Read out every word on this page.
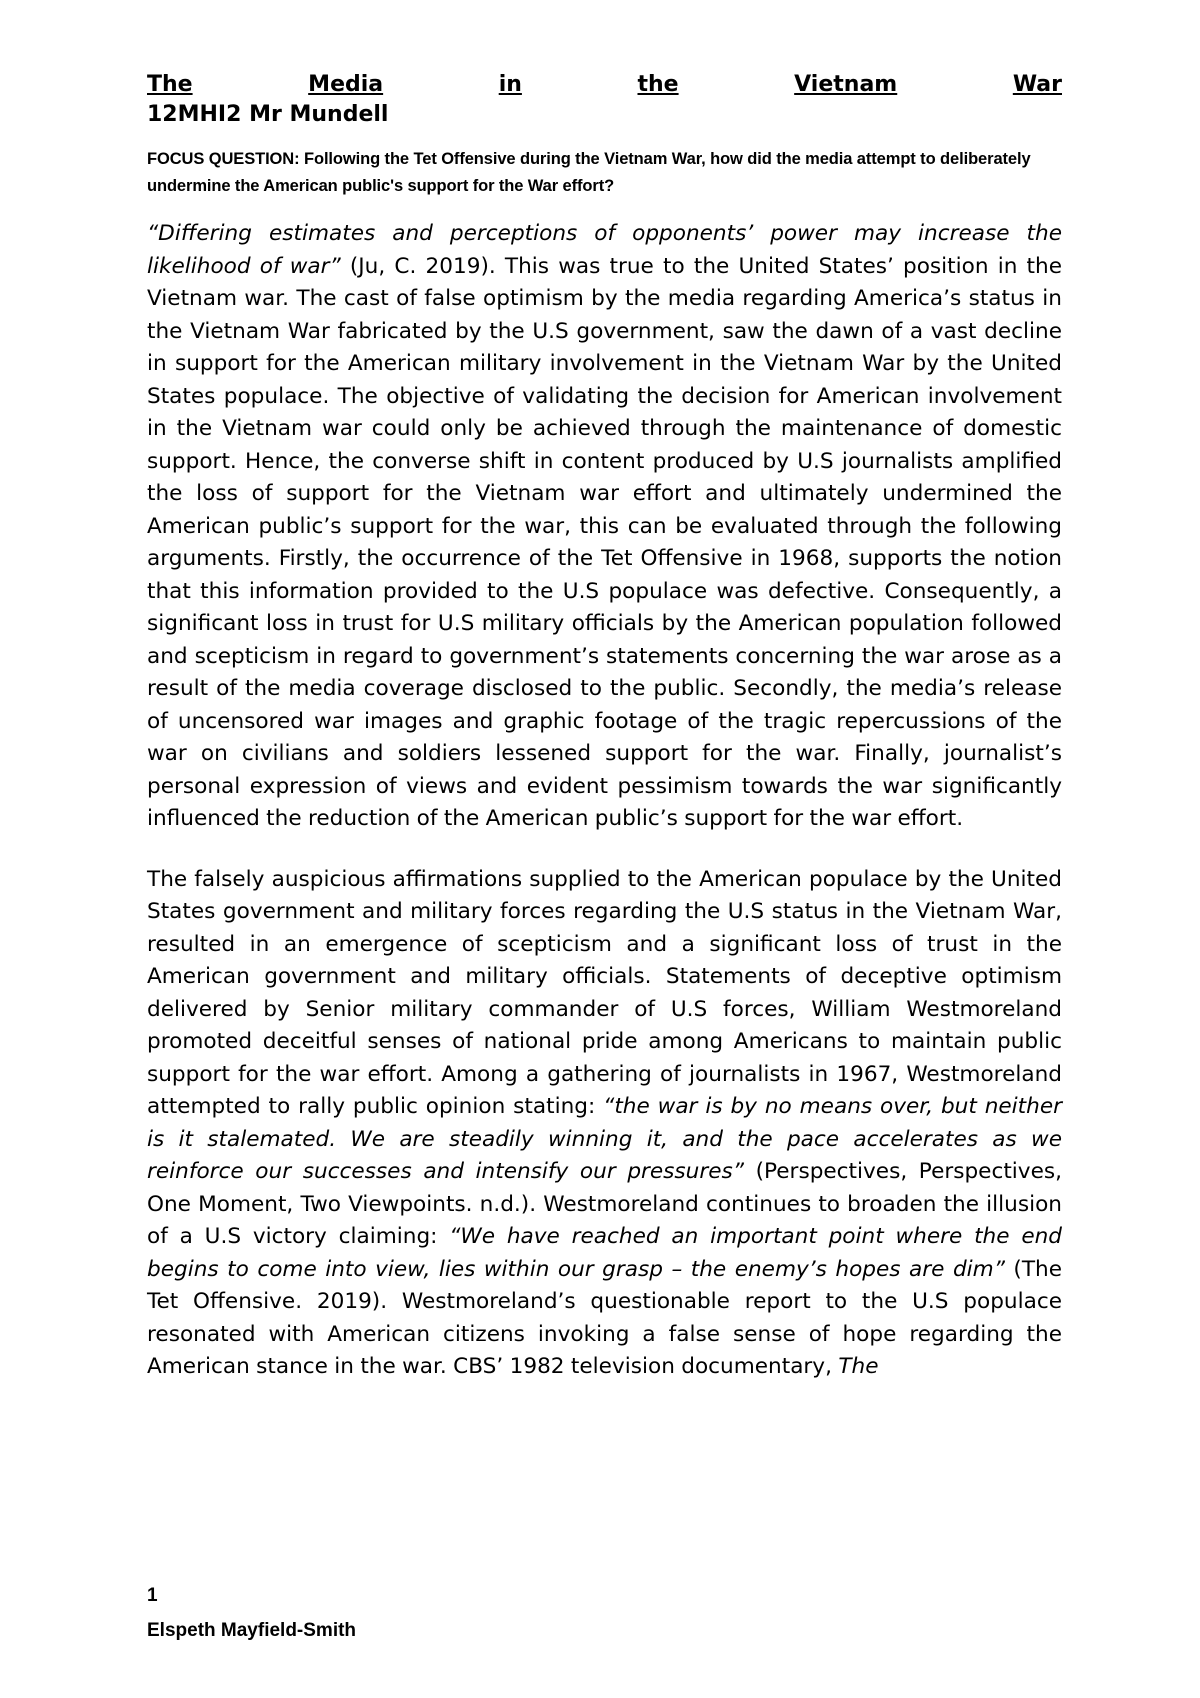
The	Media	in	the	Vietnam	War
12MHI2 Mr Mundell
FOCUS QUESTION: Following the Tet Offensive during the Vietnam War, how did the media attempt to deliberately undermine the American public's support for the War effort?

“Differing estimates and perceptions of opponents’ power may increase the likelihood of war” (Ju, C. 2019). This was true to the United States’ position in the Vietnam war. The cast of false optimism by the media regarding America’s status in the Vietnam War fabricated by the U.S government, saw the dawn of a vast decline in support for the American military involvement in the Vietnam War by the United States populace. The objective of validating the decision for American involvement in the Vietnam war could only be achieved through the maintenance of domestic support. Hence, the converse shift in content produced by U.S journalists amplified the loss of support for the Vietnam war effort and ultimately undermined the American public’s support for the war, this can be evaluated through the following arguments. Firstly, the occurrence of the Tet Offensive in 1968, supports the notion that this information provided to the U.S populace was defective. Consequently, a significant loss in trust for U.S military officials by the American population followed and scepticism in regard to government’s statements concerning the war arose as a result of the media coverage disclosed to the public. Secondly, the media’s release of uncensored war images and graphic footage of the tragic repercussions of the war on civilians and soldiers lessened support for the war. Finally, journalist’s personal expression of views and evident pessimism towards the war significantly influenced the reduction of the American public’s support for the war effort.

The falsely auspicious affirmations supplied to the American populace by the United States government and military forces regarding the U.S status in the Vietnam War, resulted in an emergence of scepticism and a significant loss of trust in the American government and military officials. Statements of deceptive optimism delivered by Senior military commander of U.S forces, William Westmoreland promoted deceitful senses of national pride among Americans to maintain public support for the war effort. Among a gathering of journalists in 1967, Westmoreland attempted to rally public opinion stating: “the war is by no means over, but neither is it stalemated. We are steadily winning it, and the pace accelerates as we reinforce our successes and intensify our pressures” (Perspectives, Perspectives, One Moment, Two Viewpoints. n.d.). Westmoreland continues to broaden the illusion of a U.S victory claiming: “We have reached an important point where the end begins to come into view, lies within our grasp – the enemy’s hopes are dim” (The Tet Offensive. 2019). Westmoreland’s questionable report to the U.S populace resonated with American citizens invoking a false sense of hope regarding the American stance in the war. CBS’ 1982 television documentary, The

1
Elspeth Mayfield-Smith
